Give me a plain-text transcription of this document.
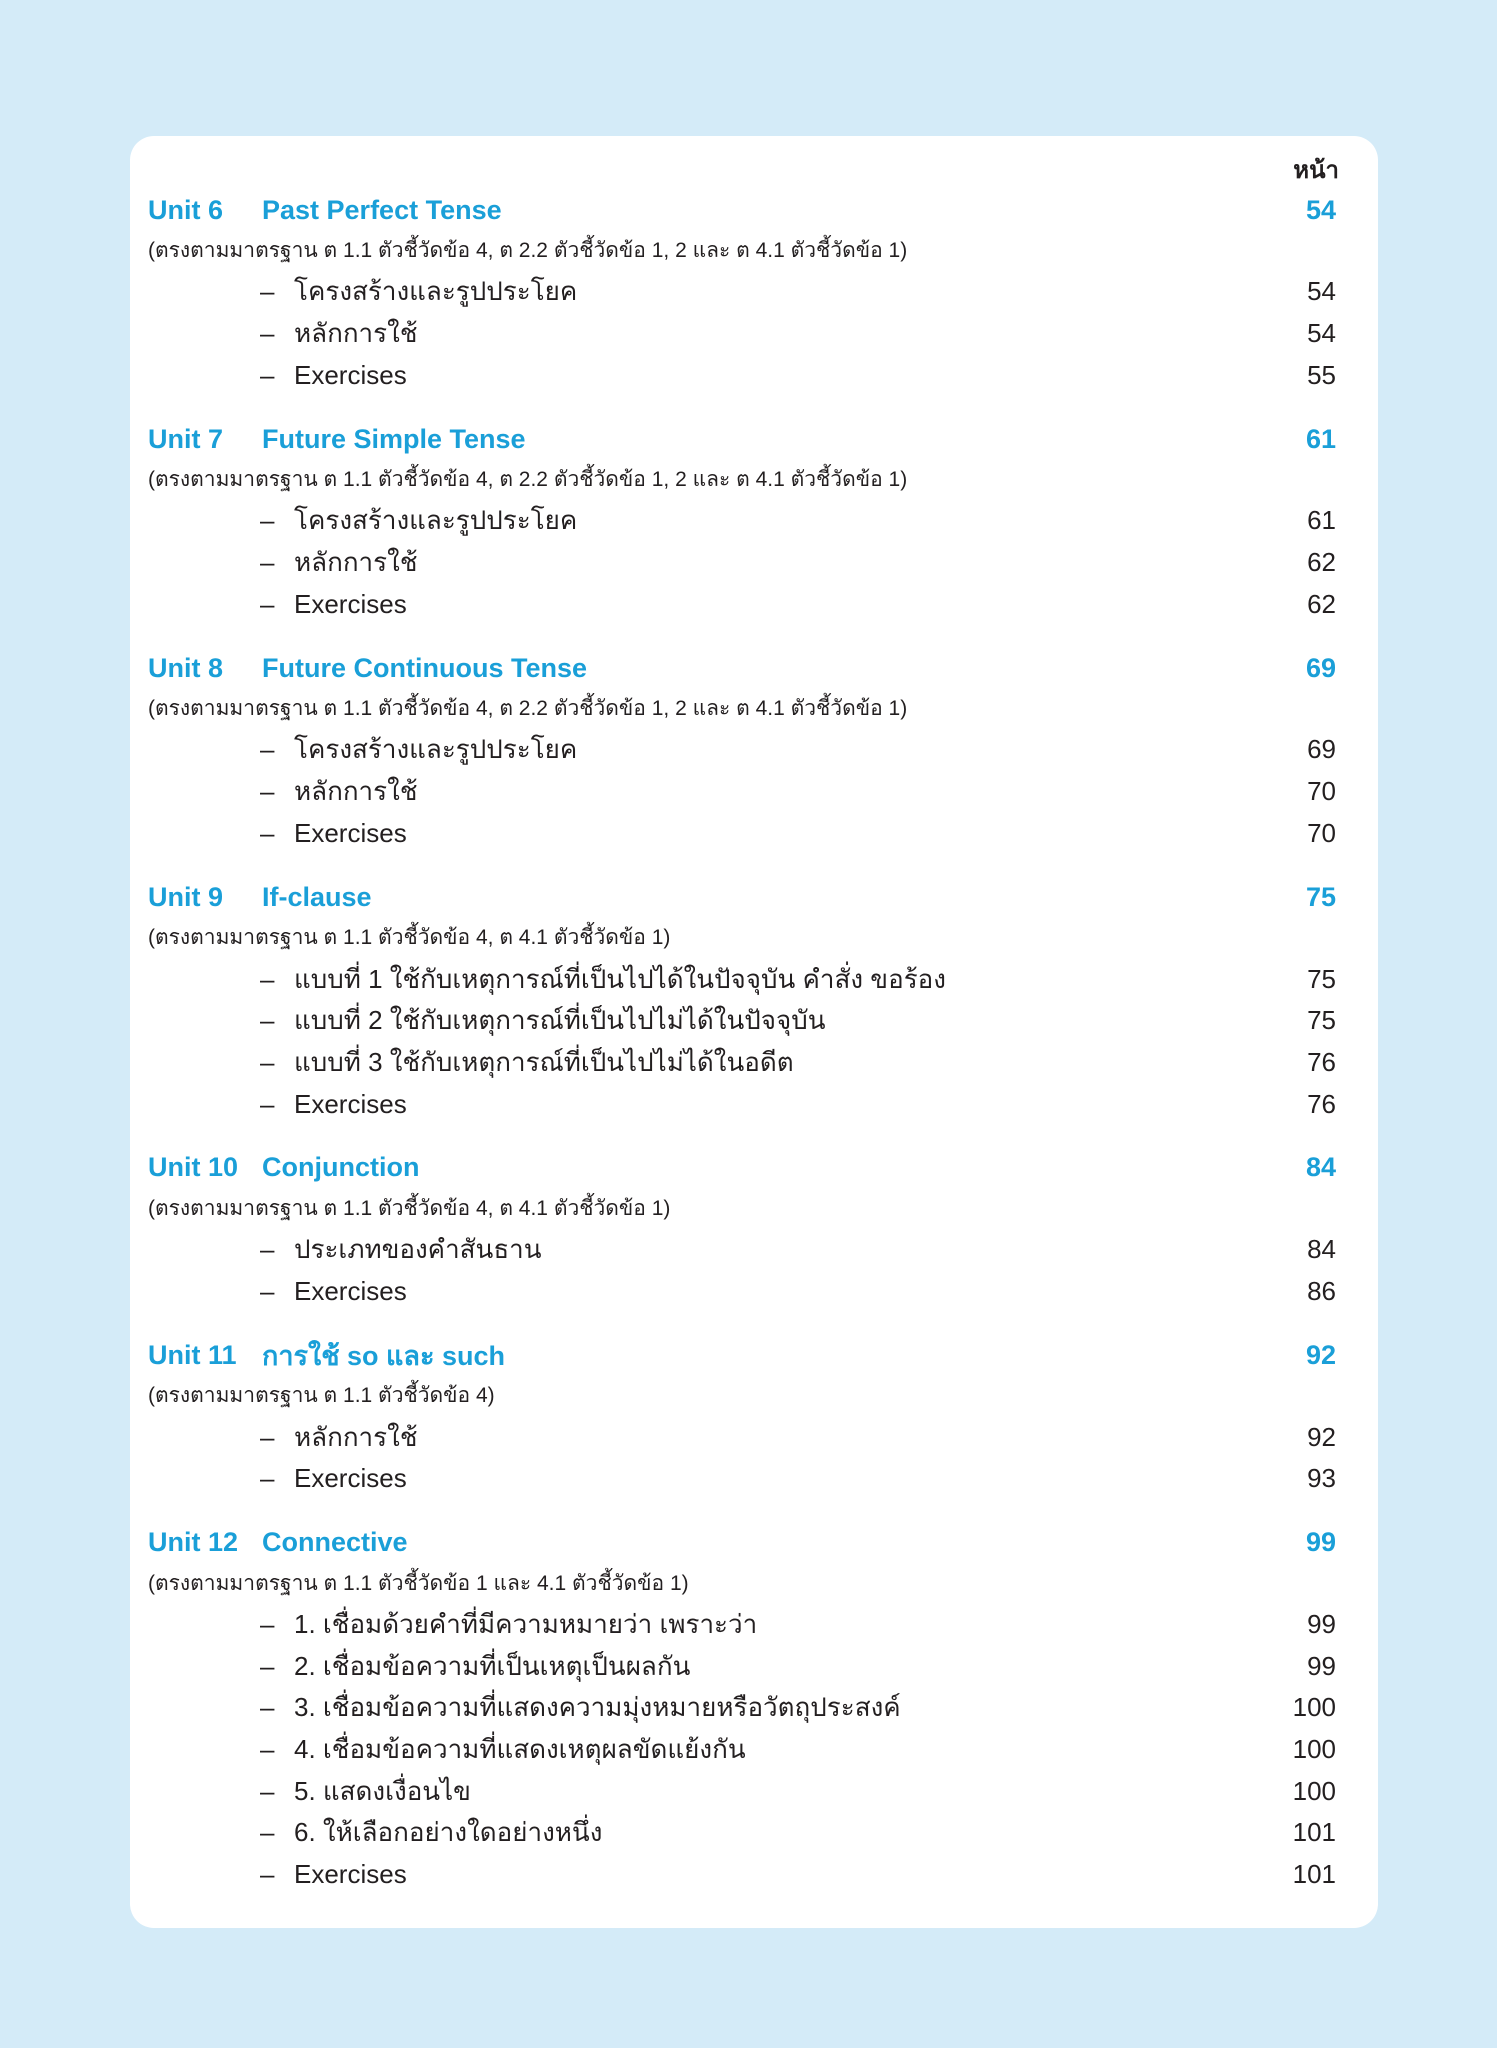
หน้า
Unit 6	Past Perfect Tense	54
(ตรงตามมาตรฐาน ต 1.1 ตัวชี้วัดข้อ 4, ต 2.2 ตัวชี้วัดข้อ 1, 2 และ ต 4.1 ตัวชี้วัดข้อ 1)
– โครงสร้างและรูปประโยค	54
– หลักการใช้	54
– Exercises	55
Unit 7	Future Simple Tense	61
(ตรงตามมาตรฐาน ต 1.1 ตัวชี้วัดข้อ 4, ต 2.2 ตัวชี้วัดข้อ 1, 2 และ ต 4.1 ตัวชี้วัดข้อ 1)
– โครงสร้างและรูปประโยค	61
– หลักการใช้	62
– Exercises	62
Unit 8	Future Continuous Tense	69
(ตรงตามมาตรฐาน ต 1.1 ตัวชี้วัดข้อ 4, ต 2.2 ตัวชี้วัดข้อ 1, 2 และ ต 4.1 ตัวชี้วัดข้อ 1)
– โครงสร้างและรูปประโยค	69
– หลักการใช้	70
– Exercises	70
Unit 9	If-clause	75
(ตรงตามมาตรฐาน ต 1.1 ตัวชี้วัดข้อ 4, ต 4.1 ตัวชี้วัดข้อ 1)
– แบบที่ 1 ใช้กับเหตุการณ์ที่เป็นไปได้ในปัจจุบัน คำสั่ง ขอร้อง	75
– แบบที่ 2 ใช้กับเหตุการณ์ที่เป็นไปไม่ได้ในปัจจุบัน	75
– แบบที่ 3 ใช้กับเหตุการณ์ที่เป็นไปไม่ได้ในอดีต	76
– Exercises	76
Unit 10 Conjunction	84
(ตรงตามมาตรฐาน ต 1.1 ตัวชี้วัดข้อ 4, ต 4.1 ตัวชี้วัดข้อ 1)
– ประเภทของคำสันธาน	84
– Exercises	86
Unit 11 การใช้ so และ such	92
(ตรงตามมาตรฐาน ต 1.1 ตัวชี้วัดข้อ 4)
– หลักการใช้	92
– Exercises	93
Unit 12 Connective	99
(ตรงตามมาตรฐาน ต 1.1 ตัวชี้วัดข้อ 1 และ 4.1 ตัวชี้วัดข้อ 1)
– 1. เชื่อมด้วยคำที่มีความหมายว่า เพราะว่า	99
– 2. เชื่อมข้อความที่เป็นเหตุเป็นผลกัน	99
– 3. เชื่อมข้อความที่แสดงความมุ่งหมายหรือวัตถุประสงค์	100
– 4. เชื่อมข้อความที่แสดงเหตุผลขัดแย้งกัน	100
– 5. แสดงเงื่อนไข	100
– 6. ให้เลือกอย่างใดอย่างหนึ่ง	101
– Exercises	101
